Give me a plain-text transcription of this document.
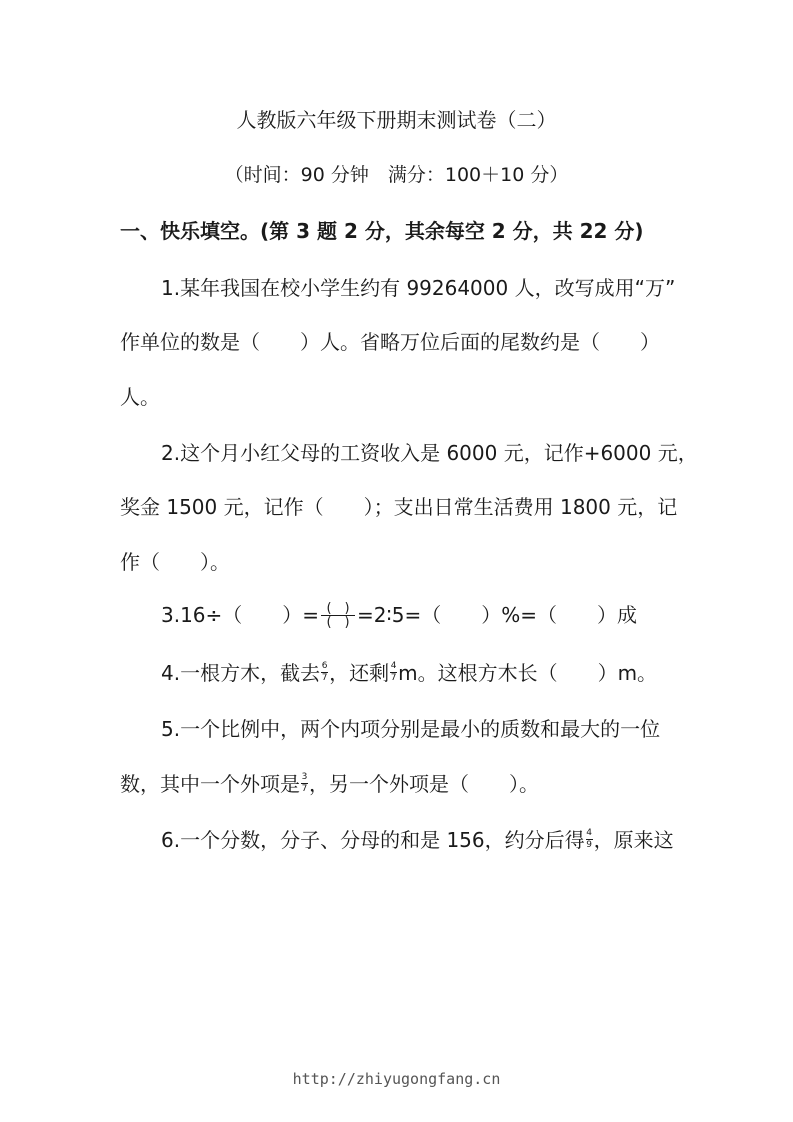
人教版六年级下册期末测试卷（二）
（时间：90 分钟　满分：100＋10 分）
一、快乐填空。(第 3 题 2 分，其余每空 2 分，共 22 分)
1.某年我国在校小学生约有 99264000 人，改写成用“万”
作单位的数是（　　）人。省略万位后面的尾数约是（　　）
人。
2.这个月小红父母的工资收入是 6000 元，记作+6000 元，
奖金 1500 元，记作（　　）；支出日常生活费用 1800 元，记
作（　　）。
3.16÷（　　）= (　)
(　) =2∶5=（　　）%=（　　）成
4.一根方木，截去 $\frac{6}{7}$ ，还剩 $\frac{4}{7}$ m。这根方木长（　　）m。
5.一个比例中，两个内项分别是最小的质数和最大的一位
数，其中一个外项是 $\frac{3}{7}$ ，另一个外项是（　　）。
6.一个分数，分子、分母的和是 156，约分后得 $\frac{4}{9}$ ，原来这
http://zhiyugongfang.cn
